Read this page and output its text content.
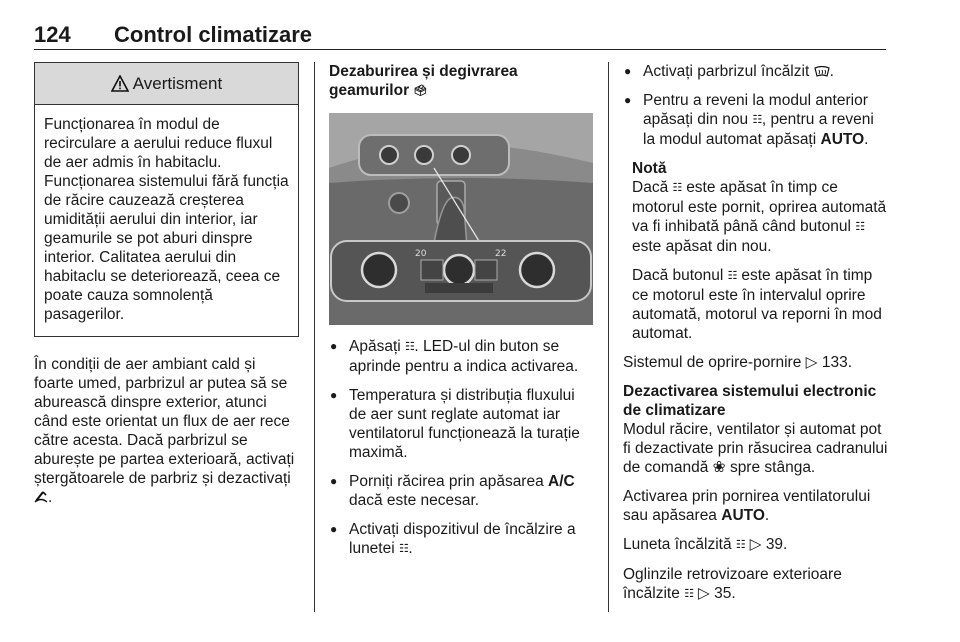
124 Control climatizare
Avertisment
Funcționarea în modul de recirculare a aerului reduce fluxul de aer admis în habitaclu. Funcționarea sistemului fără funcția de răcire cauzează creșterea umidității aerului din interior, iar geamurile se pot aburi dinspre interior. Calitatea aerului din habitaclu se deteriorează, ceea ce poate cauza somnolență pasagerilor.

În condiții de aer ambiant cald și foarte umed, parbrizul ar putea să se aburească dinspre exterior, atunci când este orientat un flux de aer rece către acesta. Dacă parbrizul se aburește pe partea exterioară, activați ștergătoarele de parbriz și dezactivați .

Dezaburirea și degivrarea geamurilor 🗳
20	22
● Apăsați ☷. LED-ul din buton se aprinde pentru a indica activarea.
● Temperatura și distribuția fluxului de aer sunt reglate automat iar ventilatorul funcționează la turație maximă.
● Porniți răcirea prin apăsarea A/C dacă este necesar.
● Activați dispozitivul de încălzire a lunetei ☷.
● Activați parbrizul încălzit .
● Pentru a reveni la modul anterior apăsați din nou ☷, pentru a reveni la modul automat apăsați AUTO.
Notă

Dacă ☷ este apăsat în timp ce motorul este pornit, oprirea automată va fi inhibată până când butonul ☷ este apăsat din nou.

Dacă butonul ☷ este apăsat în timp ce motorul este în intervalul oprire automată, motorul va reporni în mod automat.

Sistemul de oprire-pornire ▷ 133.

Dezactivarea sistemului electronic de climatizare

Modul răcire, ventilator și automat pot fi dezactivate prin răsucirea cadranului de comandă ❀ spre stânga.

Activarea prin pornirea ventilatorului sau apăsarea AUTO.

Luneta încălzită ☷ ▷ 39.

Oglinzile retrovizoare exterioare încălzite ☷ ▷ 35.
